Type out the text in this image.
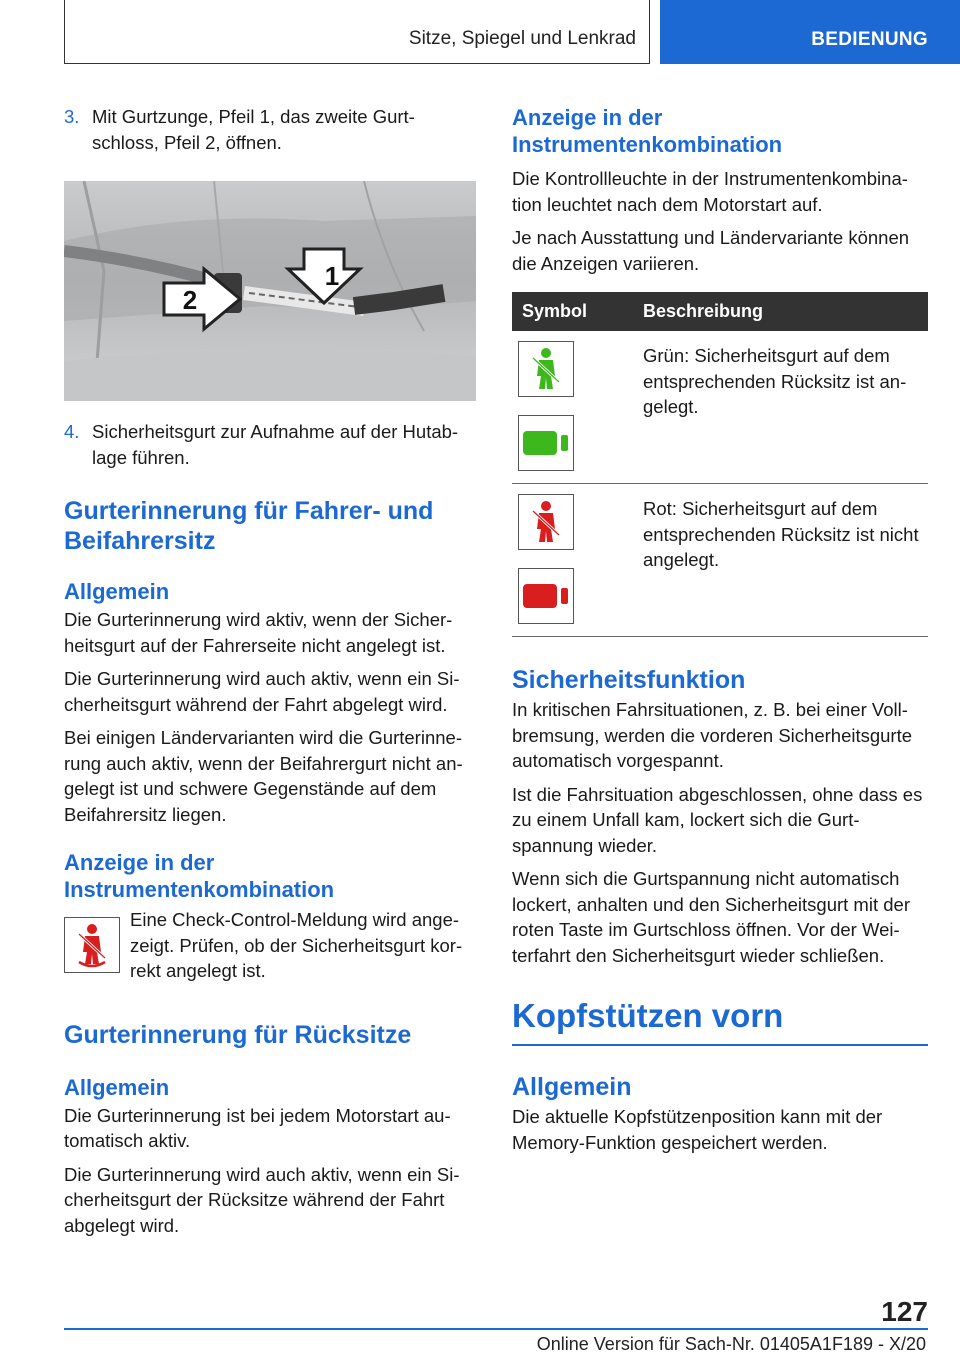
Sitze, Spiegel und Lenkrad	BEDIENUNG
3. Mit Gurtzunge, Pfeil 1, das zweite Gurt-schloss, Pfeil 2, öffnen.
1
2
4. Sicherheitsgurt zur Aufnahme auf der Hutab-lage führen.
Gurterinnerung für Fahrer- und Beifahrersitz
Allgemein

Die Gurterinnerung wird aktiv, wenn der Sicher-heitsgurt auf der Fahrerseite nicht angelegt ist.

Die Gurterinnerung wird auch aktiv, wenn ein Si-cherheitsgurt während der Fahrt abgelegt wird.

Bei einigen Ländervarianten wird die Gurterinne-rung auch aktiv, wenn der Beifahrergurt nicht an-gelegt ist und schwere Gegenstände auf dem Beifahrersitz liegen.

Anzeige in der Instrumentenkombination
Eine Check-Control-Meldung wird ange-zeigt. Prüfen, ob der Sicherheitsgurt kor-rekt angelegt ist.
Gurterinnerung für Rücksitze
Allgemein

Die Gurterinnerung ist bei jedem Motorstart au-tomatisch aktiv.

Die Gurterinnerung wird auch aktiv, wenn ein Si-cherheitsgurt der Rücksitze während der Fahrt abgelegt wird.

Anzeige in der Instrumentenkombination

Die Kontrollleuchte in der Instrumentenkombina-tion leuchtet nach dem Motorstart auf.

Je nach Ausstattung und Ländervariante können die Anzeigen variieren.

Symbol	Beschreibung
Grün: Sicherheitsgurt auf dem entsprechenden Rücksitz ist an-gelegt.
Rot: Sicherheitsgurt auf dem entsprechenden Rücksitz ist nicht angelegt.
Sicherheitsfunktion

In kritischen Fahrsituationen, z. B. bei einer Voll-bremsung, werden die vorderen Sicherheitsgurte automatisch vorgespannt.

Ist die Fahrsituation abgeschlossen, ohne dass es zu einem Unfall kam, lockert sich die Gurt-spannung wieder.

Wenn sich die Gurtspannung nicht automatisch lockert, anhalten und den Sicherheitsgurt mit der roten Taste im Gurtschloss öffnen. Vor der Wei-terfahrt den Sicherheitsgurt wieder schließen.

Kopfstützen vorn
Allgemein

Die aktuelle Kopfstützenposition kann mit der Memory-Funktion gespeichert werden.

127
Online Version für Sach-Nr. 01405A1F189 - X/20
